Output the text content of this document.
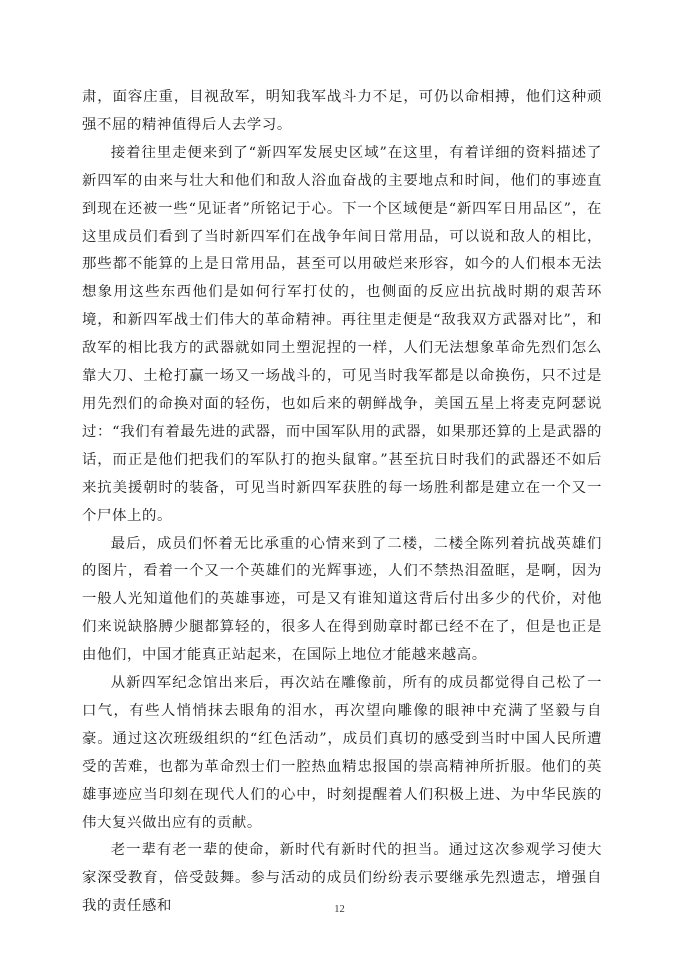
肃，面容庄重，目视敌军，明知我军战斗力不足，可仍以命相搏，他们这种顽强不屈的精神值得后人去学习。

接着往里走便来到了“新四军发展史区域”在这里，有着详细的资料描述了新四军的由来与壮大和他们和敌人浴血奋战的主要地点和时间，他们的事迹直到现在还被一些“见证者”所铭记于心。下一个区域便是“新四军日用品区”，在这里成员们看到了当时新四军们在战争年间日常用品，可以说和敌人的相比，那些都不能算的上是日常用品，甚至可以用破烂来形容，如今的人们根本无法想象用这些东西他们是如何行军打仗的，也侧面的反应出抗战时期的艰苦环境，和新四军战士们伟大的革命精神。再往里走便是“敌我双方武器对比”，和敌军的相比我方的武器就如同土塑泥捏的一样，人们无法想象革命先烈们怎么靠大刀、土枪打赢一场又一场战斗的，可见当时我军都是以命换伤，只不过是用先烈们的命换对面的轻伤，也如后来的朝鲜战争，美国五星上将麦克阿瑟说过：“我们有着最先进的武器，而中国军队用的武器，如果那还算的上是武器的话，而正是他们把我们的军队打的抱头鼠窜。”甚至抗日时我们的武器还不如后来抗美援朝时的装备，可见当时新四军获胜的每一场胜利都是建立在一个又一个尸体上的。

最后，成员们怀着无比承重的心情来到了二楼，二楼全陈列着抗战英雄们的图片，看着一个又一个英雄们的光辉事迹，人们不禁热泪盈眶，是啊，因为一般人光知道他们的英雄事迹，可是又有谁知道这背后付出多少的代价，对他们来说缺胳膊少腿都算轻的，很多人在得到勋章时都已经不在了，但是也正是由他们，中国才能真正站起来，在国际上地位才能越来越高。

从新四军纪念馆出来后，再次站在雕像前，所有的成员都觉得自己松了一口气，有些人悄悄抹去眼角的泪水，再次望向雕像的眼神中充满了坚毅与自豪。通过这次班级组织的“红色活动”，成员们真切的感受到当时中国人民所遭受的苦难，也都为革命烈士们一腔热血精忠报国的崇高精神所折服。他们的英雄事迹应当印刻在现代人们的心中，时刻提醒着人们积极上进、为中华民族的伟大复兴做出应有的贡献。

老一辈有老一辈的使命，新时代有新时代的担当。通过这次参观学习使大家深受教育，倍受鼓舞。参与活动的成员们纷纷表示要继承先烈遗志，增强自我的责任感和	12
